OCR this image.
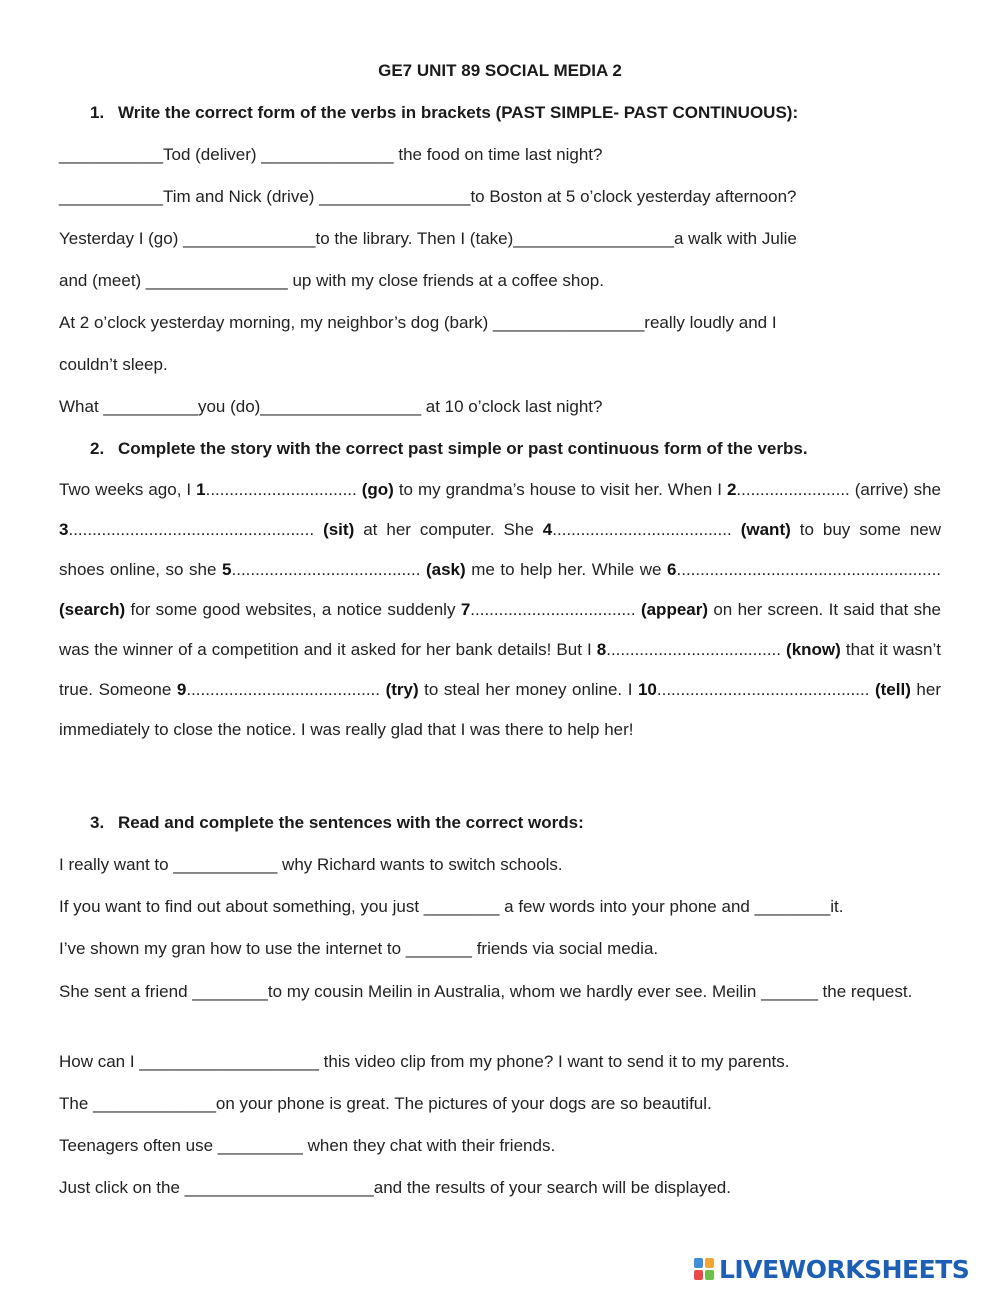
GE7 UNIT 89 SOCIAL MEDIA 2
1. Write the correct form of the verbs in brackets (PAST SIMPLE- PAST CONTINUOUS):
___________Tod (deliver) ______________ the food on time last night?
___________Tim and Nick (drive) ________________to Boston at 5 o’clock yesterday afternoon?
Yesterday I (go) ______________to the library. Then I (take)_________________a walk with Julie
and (meet) _______________ up with my close friends at a coffee shop.
At 2 o’clock yesterday morning, my neighbor’s dog (bark) ________________really loudly and I
couldn’t sleep.
What __________you (do)_________________ at 10 o’clock last night?
2. Complete the story with the correct past simple or past continuous form of the verbs.
Two weeks ago, I 1................................ (go) to my grandma’s house to visit her. When I 2........................ (arrive) she 3.................................................... (sit) at her computer. She 4...................................... (want) to buy some new shoes online, so she 5........................................ (ask) me to help her. While we 6........................................................ (search) for some good websites, a notice suddenly 7................................... (appear) on her screen. It said that she was the winner of a competition and it asked for her bank details! But I 8..................................... (know) that it wasn’t true. Someone 9......................................... (try) to steal her money online. I 10............................................. (tell) her immediately to close the notice. I was really glad that I was there to help her!
3. Read and complete the sentences with the correct words:
I really want to ___________ why Richard wants to switch schools.
If you want to find out about something, you just ________ a few words into your phone and ________it.
I’ve shown my gran how to use the internet to _______ friends via social media.
She sent a friend ________to my cousin Meilin in Australia, whom we hardly ever see. Meilin ______ the request.
How can I ___________________ this video clip from my phone? I want to send it to my parents.
The _____________on your phone is great. The pictures of your dogs are so beautiful.
Teenagers often use _________ when they chat with their friends.
Just click on the ____________________and the results of your search will be displayed.
LIVEWORKSHEETS
